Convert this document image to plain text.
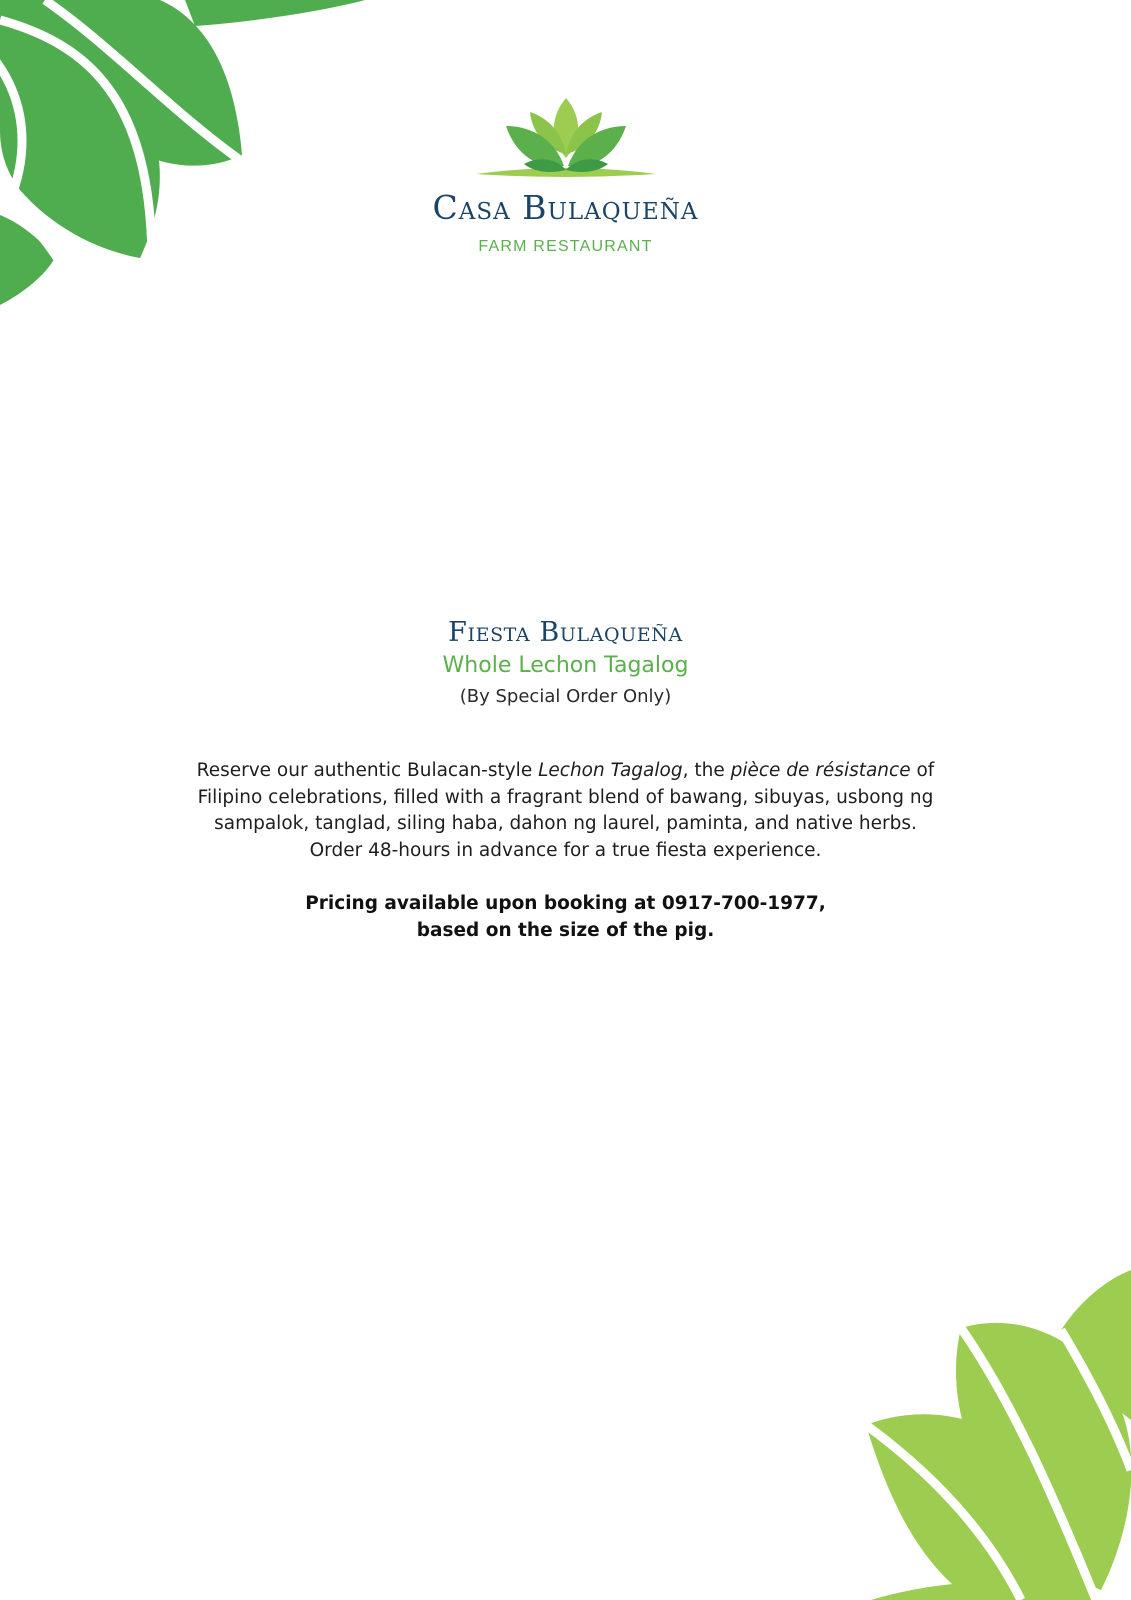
Casa Bulaqueña
FARM RESTAURANT
Fiesta Bulaqueña
Whole Lechon Tagalog
(By Special Order Only)
Reserve our authentic Bulacan-style Lechon Tagalog, the pièce de résistance of Filipino celebrations, filled with a fragrant blend of bawang, sibuyas, usbong ng sampalok, tanglad, siling haba, dahon ng laurel, paminta, and native herbs. Order 48-hours in advance for a true fiesta experience.
Pricing available upon booking at 0917-700-1977,
based on the size of the pig.
